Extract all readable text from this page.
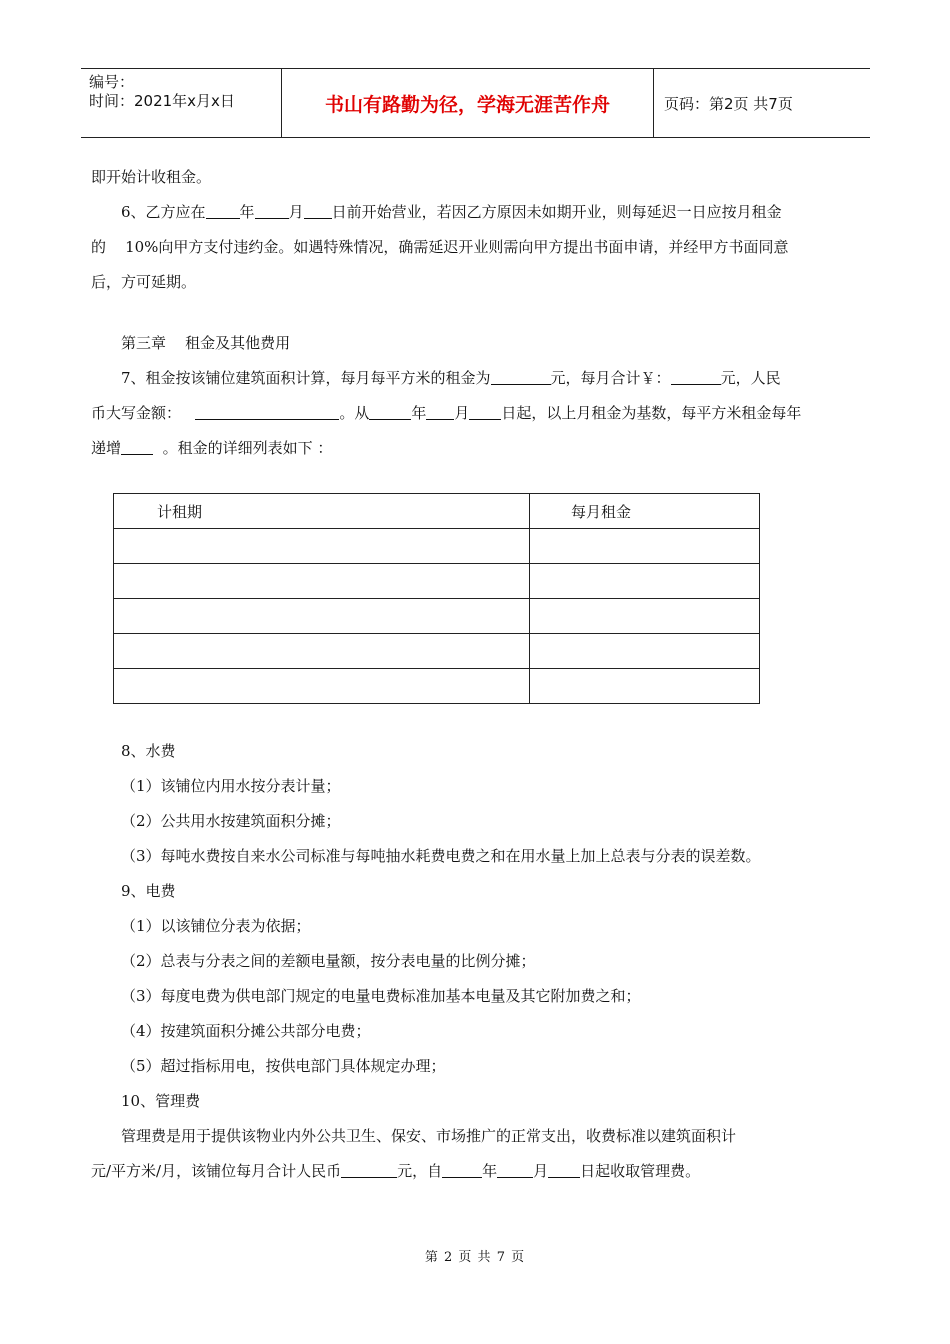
编号：
时间：2021年x月x日	书山有路勤为径，学海无涯苦作舟	页码：第2页 共7页

即开始计收租金。

6、乙方应在 年 月 日前开始营业，若因乙方原因未如期开业，则每延迟一日应按月租金

的 10%向甲方支付违约金。如遇特殊情况，确需延迟开业则需向甲方提出书面申请，并经甲方书面同意

后，方可延期。

第三章    租金及其他费用

7、租金按该铺位建筑面积计算，每月每平方米的租金为	元，每月合计￥：	元，人民

币大写金额：	。从	年 月 日起，以上月租金为基数，每平方米租金每年

递增	。租金的详细列表如下 ：

计租期	每月租金

8、水费

（1）该铺位内用水按分表计量；

（2）公共用水按建筑面积分摊；

（3）每吨水费按自来水公司标准与每吨抽水耗费电费之和在用水量上加上总表与分表的误差数。

9、电费

（1）以该铺位分表为依据；

（2）总表与分表之间的差额电量额，按分表电量的比例分摊；

（3）每度电费为供电部门规定的电量电费标准加基本电量及其它附加费之和；

（4）按建筑面积分摊公共部分电费；

（5）超过指标用电，按供电部门具体规定办理；

10、管理费

管理费是用于提供该物业内外公共卫生、保安、市场推广的正常支出，收费标准以建筑面积计

元/平方米/月，该铺位每月合计人民币	元，自	年 月 日起收取管理费。

第 2 页 共 7 页
